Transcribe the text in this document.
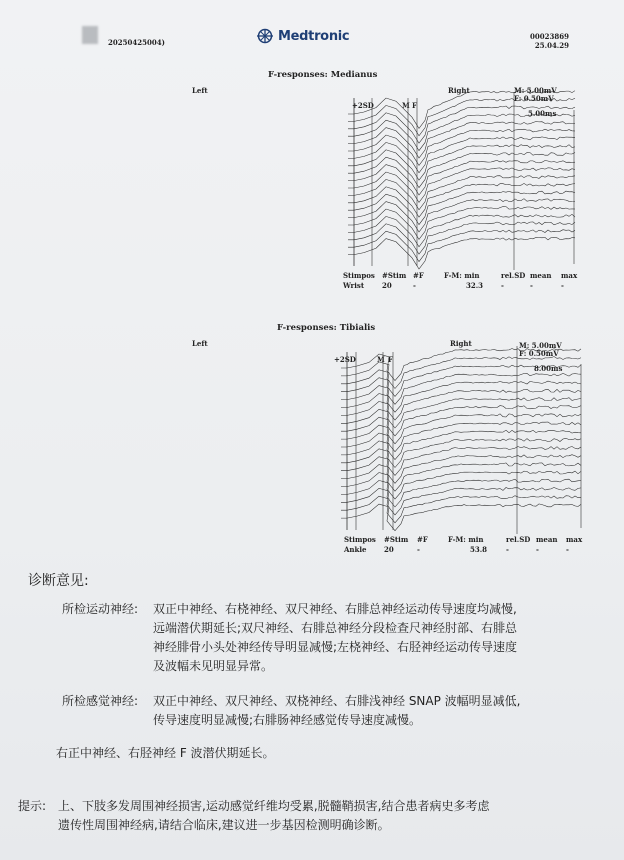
20250425004)	Medtronic	00023869
25.04.29
F-responses: Medianus
Left	Right	M: 5.00mV
F: 0.50mV
5.00ms
+2SD	M F
Stimpos #Stim #F	F-M: min	rel.SD mean max
Wrist	20	-	32.3	-	-	-
F-responses: Tibialis
Left	Right	M: 5.00mV
F: 0.50mV
8.00ms
+2SD	M F
Stimpos #Stim #F	F-M: min	rel.SD mean max
Ankle	20	-	53.8	-	-	-
诊断意见:
所检运动神经: 双正中神经、右桡神经、双尺神经、右腓总神经运动传导速度均减慢,
远端潜伏期延长;双尺神经、右腓总神经分段检查尺神经肘部、右腓总
神经腓骨小头处神经传导明显减慢;左桡神经、右胫神经运动传导速度
及波幅未见明显异常。
所检感觉神经: 双正中神经、双尺神经、双桡神经、右腓浅神经 SNAP 波幅明显减低,
传导速度明显减慢;右腓肠神经感觉传导速度减慢。
右正中神经、右胫神经 F 波潜伏期延长。
提示: 上、下肢多发周围神经损害,运动感觉纤维均受累,脱髓鞘损害,结合患者病史多考虑
遗传性周围神经病,请结合临床,建议进一步基因检测明确诊断。
